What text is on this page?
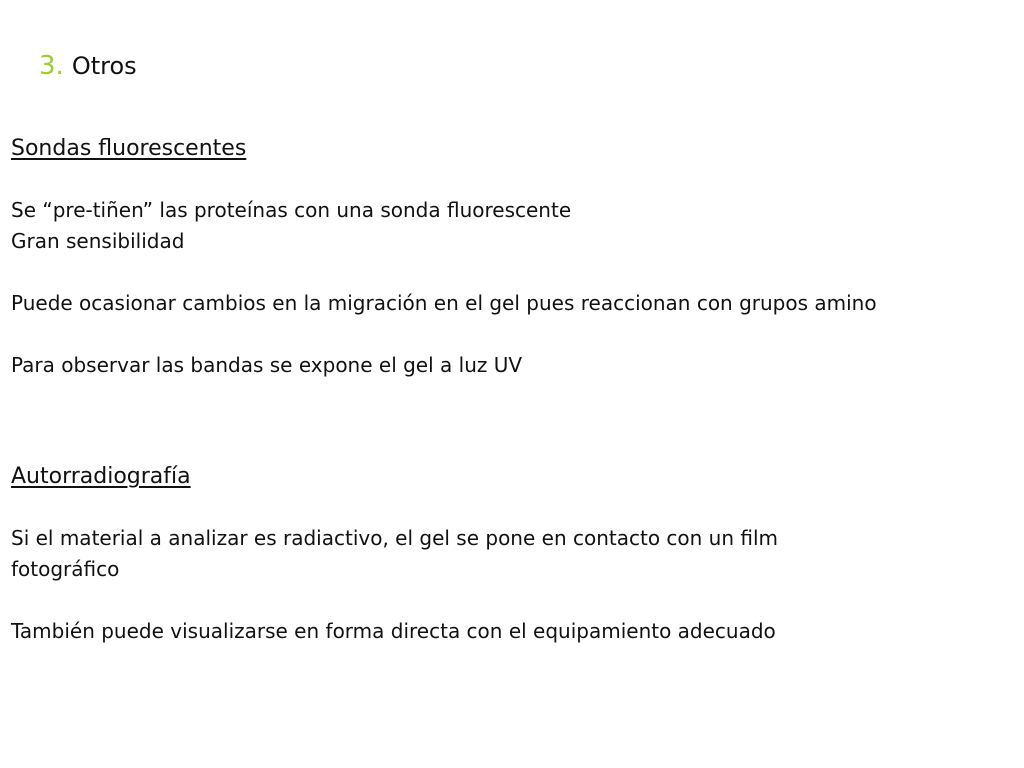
3. Otros

Sondas fluorescentes

Se “pre-tiñen” las proteínas con una sonda fluorescente

Gran sensibilidad

Puede ocasionar cambios en la migración en el gel pues reaccionan con grupos amino

Para observar las bandas se expone el gel a luz UV

Autorradiografía

Si el material a analizar es radiactivo, el gel se pone en contacto con un film

fotográfico

También puede visualizarse en forma directa con el equipamiento adecuado
